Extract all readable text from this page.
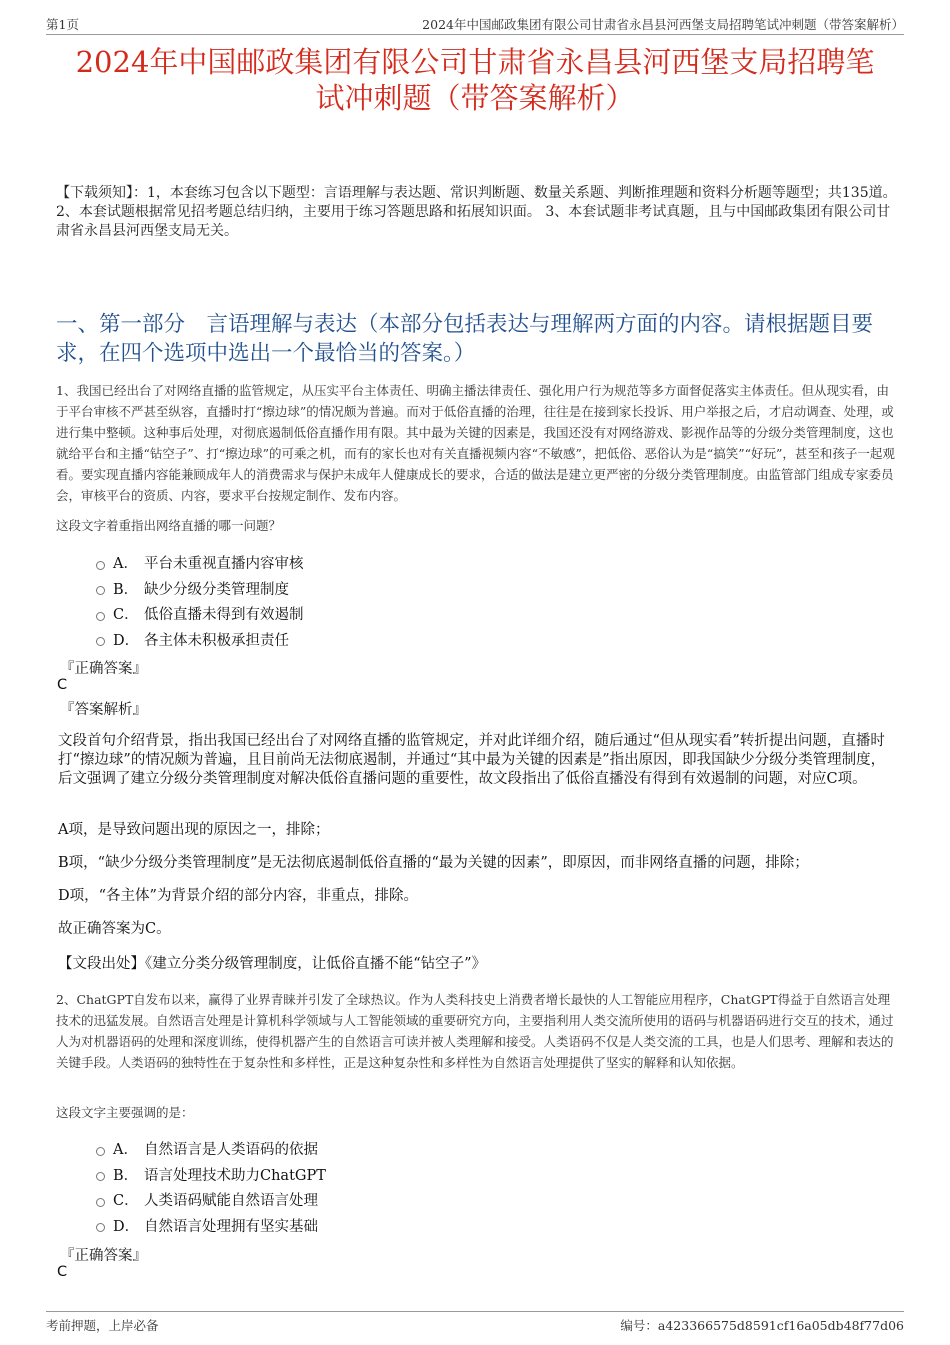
第1页	2024年中国邮政集团有限公司甘肃省永昌县河西堡支局招聘笔试冲刺题（带答案解析）
2024年中国邮政集团有限公司甘肃省永昌县河西堡支局招聘笔
试冲刺题（带答案解析）
【下载须知】：1，本套练习包含以下题型：言语理解与表达题、常识判断题、数量关系题、判断推理题和资料分析题等题型；共135道。 2、本套试题根据常见招考题总结归纳，主要用于练习答题思路和拓展知识面。 3、本套试题非考试真题，且与中国邮政集团有限公司甘肃省永昌县河西堡支局无关。
一、第一部分　言语理解与表达（本部分包括表达与理解两方面的内容。请根据题目要求，在四个选项中选出一个最恰当的答案。）
1、我国已经出台了对网络直播的监管规定，从压实平台主体责任、明确主播法律责任、强化用户行为规范等多方面督促落实主体责任。但从现实看，由于平台审核不严甚至纵容，直播时打“擦边球”的情况颇为普遍。而对于低俗直播的治理，往往是在接到家长投诉、用户举报之后，才启动调查、处理，或进行集中整顿。这种事后处理，对彻底遏制低俗直播作用有限。其中最为关键的因素是，我国还没有对网络游戏、影视作品等的分级分类管理制度，这也就给平台和主播“钻空子”、打“擦边球”的可乘之机，而有的家长也对有关直播视频内容“不敏感”，把低俗、恶俗认为是“搞笑”“好玩”，甚至和孩子一起观看。要实现直播内容能兼顾成年人的消费需求与保护未成年人健康成长的要求，合适的做法是建立更严密的分级分类管理制度。由监管部门组成专家委员会，审核平台的资质、内容，要求平台按规定制作、发布内容。
这段文字着重指出网络直播的哪一问题？
A． 平台未重视直播内容审核
B． 缺少分级分类管理制度
C． 低俗直播未得到有效遏制
D． 各主体未积极承担责任
『正确答案』
C
『答案解析』
文段首句介绍背景，指出我国已经出台了对网络直播的监管规定，并对此详细介绍，随后通过“但从现实看”转折提出问题，直播时打“擦边球”的情况颇为普遍，且目前尚无法彻底遏制，并通过“其中最为关键的因素是”指出原因，即我国缺少分级分类管理制度，后文强调了建立分级分类管理制度对解决低俗直播问题的重要性，故文段指出了低俗直播没有得到有效遏制的问题，对应C项。
A项，是导致问题出现的原因之一，排除；
B项，“缺少分级分类管理制度”是无法彻底遏制低俗直播的“最为关键的因素”，即原因，而非网络直播的问题，排除；
D项，“各主体”为背景介绍的部分内容，非重点，排除。
故正确答案为C。
【文段出处】《建立分类分级管理制度，让低俗直播不能“钻空子”》
2、ChatGPT自发布以来，赢得了业界青睐并引发了全球热议。作为人类科技史上消费者增长最快的人工智能应用程序，ChatGPT得益于自然语言处理技术的迅猛发展。自然语言处理是计算机科学领域与人工智能领域的重要研究方向，主要指利用人类交流所使用的语码与机器语码进行交互的技术，通过人为对机器语码的处理和深度训练，使得机器产生的自然语言可读并被人类理解和接受。人类语码不仅是人类交流的工具，也是人们思考、理解和表达的关键手段。人类语码的独特性在于复杂性和多样性，正是这种复杂性和多样性为自然语言处理提供了坚实的解释和认知依据。
这段文字主要强调的是：
A． 自然语言是人类语码的依据
B． 语言处理技术助力ChatGPT
C． 人类语码赋能自然语言处理
D． 自然语言处理拥有坚实基础
『正确答案』
C
考前押题，上岸必备	编号：a423366575d8591cf16a05db48f77d06
